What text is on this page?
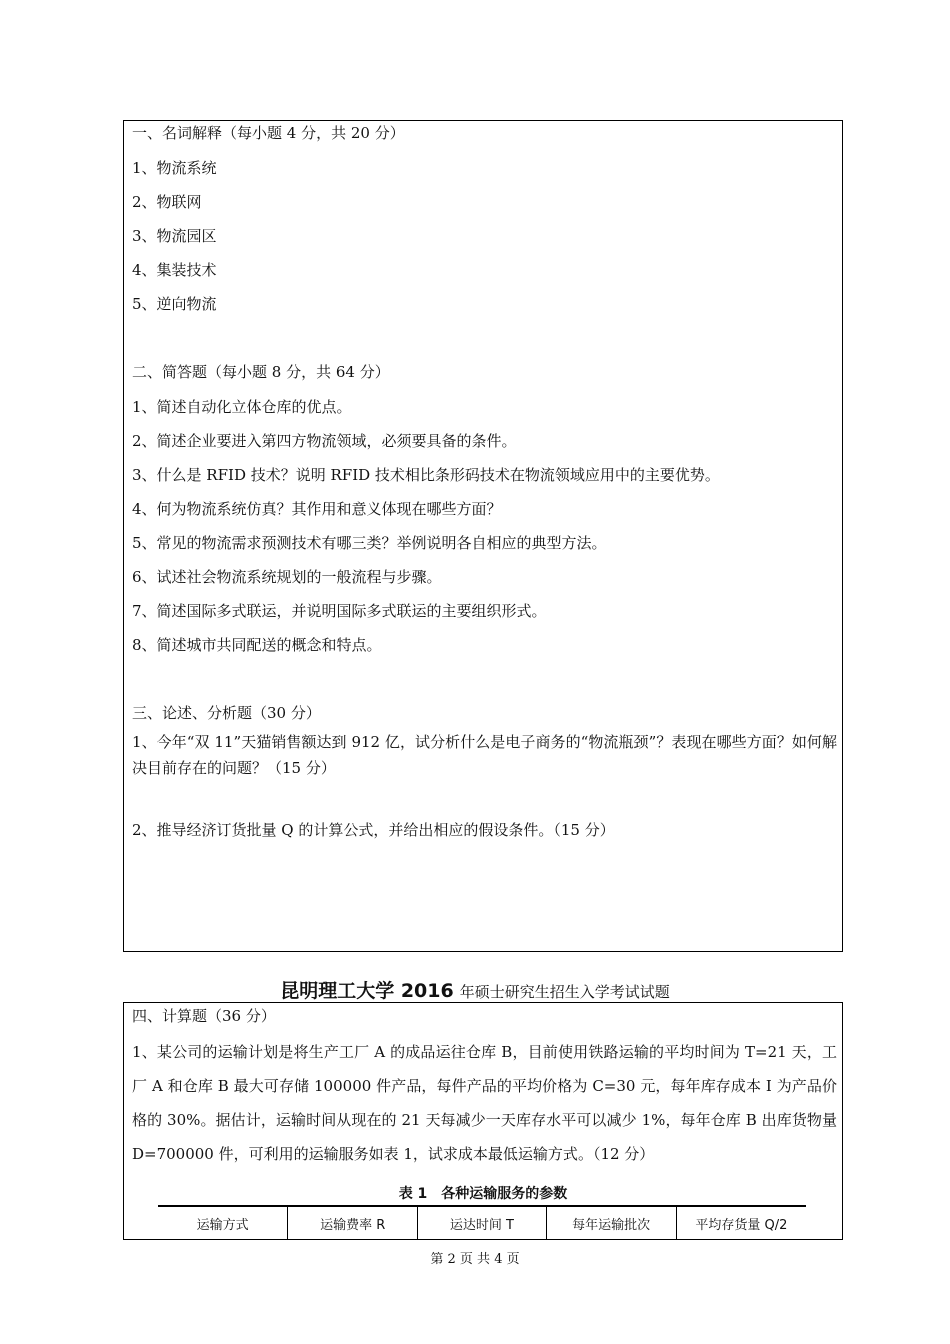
一、名词解释（每小题 4 分，共 20 分）
1、物流系统
2、物联网
3、物流园区
4、集装技术
5、逆向物流
二、简答题（每小题 8 分，共 64 分）
1、简述自动化立体仓库的优点。
2、简述企业要进入第四方物流领域，必须要具备的条件。
3、什么是 RFID 技术？说明 RFID 技术相比条形码技术在物流领域应用中的主要优势。
4、何为物流系统仿真？其作用和意义体现在哪些方面？
5、常见的物流需求预测技术有哪三类？举例说明各自相应的典型方法。
6、试述社会物流系统规划的一般流程与步骤。
7、简述国际多式联运，并说明国际多式联运的主要组织形式。
8、简述城市共同配送的概念和特点。
三、论述、分析题（30 分）
1、今年“双 11”天猫销售额达到 912 亿，试分析什么是电子商务的“物流瓶颈”？表现在哪些方面？如何解决目前存在的问题？（15 分）
2、推导经济订货批量 Q 的计算公式，并给出相应的假设条件。（15 分）
昆明理工大学 2016 年硕士研究生招生入学考试试题
四、计算题（36 分）
1、某公司的运输计划是将生产工厂 A 的成品运往仓库 B，目前使用铁路运输的平均时间为 T=21 天，工厂 A 和仓库 B 最大可存储 100000 件产品，每件产品的平均价格为 C=30 元，每年库存成本 I 为产品价格的 30%。据估计，运输时间从现在的 21 天每减少一天库存水平可以减少 1%，每年仓库 B 出库货物量 D=700000 件，可利用的运输服务如表 1，试求成本最低运输方式。（12 分）
表 1　各种运输服务的参数
运输方式	运输费率 R	运达时间 T	每年运输批次	平均存货量 Q/2
第 2 页 共 4 页
